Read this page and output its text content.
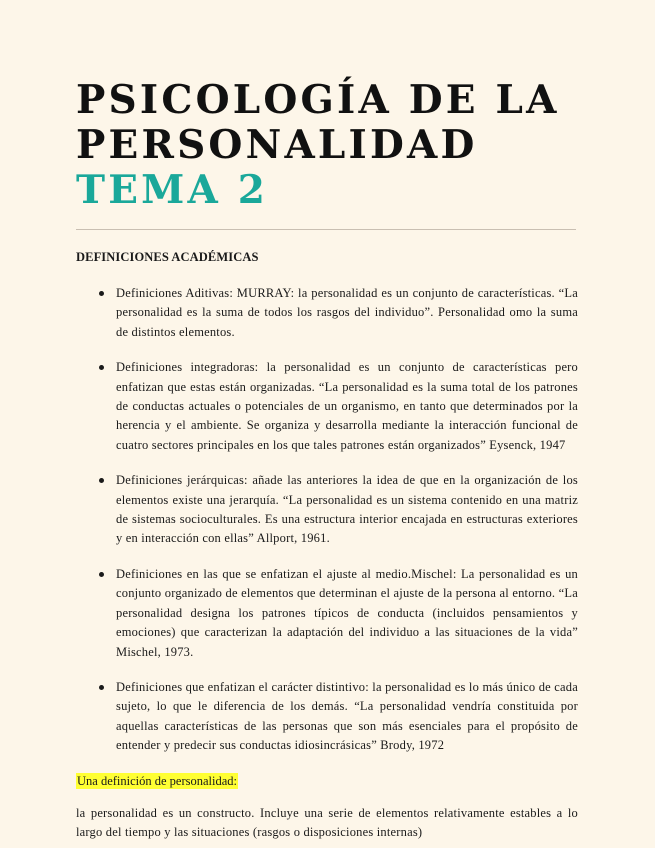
PSICOLOGÍA DE LA
PERSONALIDAD
TEMA 2
DEFINICIONES ACADÉMICAS
Definiciones Aditivas: MURRAY: la personalidad es un conjunto de características. “La personalidad es la suma de todos los rasgos del individuo”. Personalidad omo la suma de distintos elementos.
Definiciones integradoras: la personalidad es un conjunto de características pero enfatizan que estas están organizadas. “La personalidad es la suma total de los patrones de conductas actuales o potenciales de un organismo, en tanto que determinados por la herencia y el ambiente. Se organiza y desarrolla mediante la interacción funcional de cuatro sectores principales en los que tales patrones están organizados” Eysenck, 1947
Definiciones jerárquicas: añade las anteriores la idea de que en la organización de los elementos existe una jerarquía. “La personalidad es un sistema contenido en una matriz de sistemas socioculturales. Es una estructura interior encajada en estructuras exteriores y en interacción con ellas” Allport, 1961.
Definiciones en las que se enfatizan el ajuste al medio.Mischel: La personalidad es un conjunto organizado de elementos que determinan el ajuste de la persona al entorno. “La personalidad designa los patrones típicos de conducta (incluidos pensamientos y emociones) que caracterizan la adaptación del individuo a las situaciones de la vida” Mischel, 1973.
Definiciones que enfatizan el carácter distintivo: la personalidad es lo más único de cada sujeto, lo que le diferencia de los demás. “La personalidad vendría constituida por aquellas características de las personas que son más esenciales para el propósito de entender y predecir sus conductas idiosincrásicas” Brody, 1972
Una definición de personalidad:
la personalidad es un constructo. Incluye una serie de elementos relativamente estables a lo largo del tiempo y las situaciones (rasgos o disposiciones internas)
